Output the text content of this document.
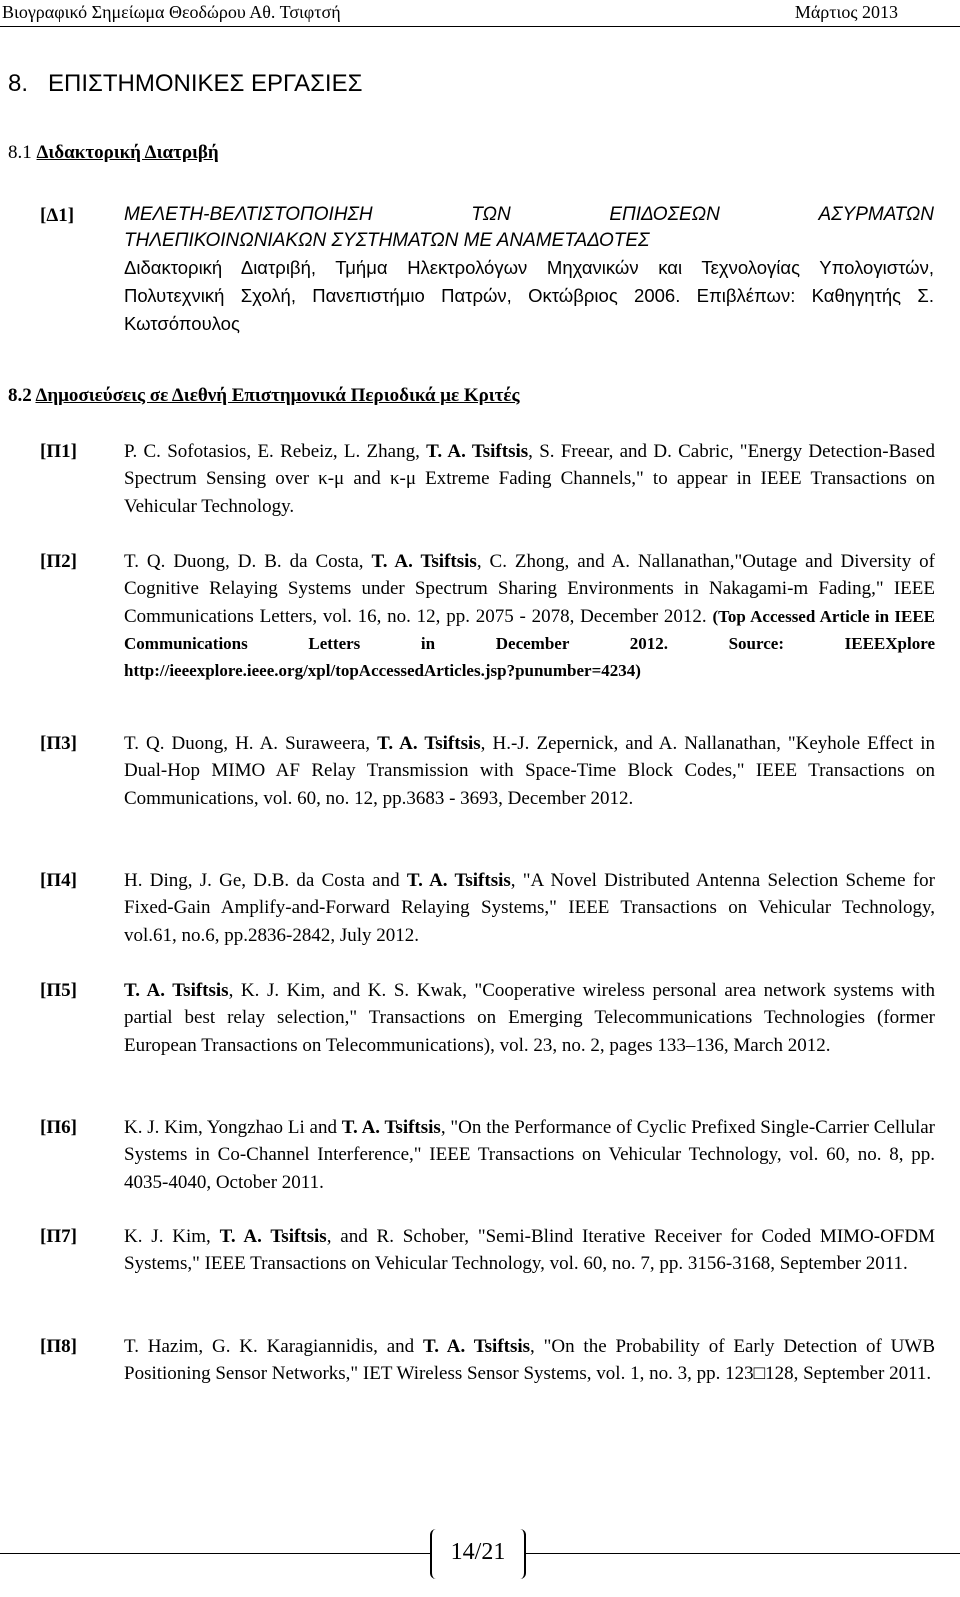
Βιογραφικό Σημείωμα Θεοδώρου Αθ. Τσιφτσή	Μάρτιος 2013
8.   ΕΠΙΣΤΗΜΟΝΙΚΕΣ ΕΡΓΑΣΙΕΣ
8.1 Διδακτορική Διατριβή
[Δ1]	ΜΕΛΕΤΗ-ΒΕΛΤΙΣΤΟΠΟΙΗΣΗ	ΤΩΝ	ΕΠΙΔΟΣΕΩΝ	ΑΣΥΡΜΑΤΩΝ
ΤΗΛΕΠΙΚΟΙΝΩΝΙΑΚΩΝ ΣΥΣΤΗΜΑΤΩΝ ΜΕ ΑΝΑΜΕΤΑΔΟΤΕΣ
Διδακτορική Διατριβή, Τμήμα Ηλεκτρολόγων Μηχανικών και Τεχνολογίας Υπολογιστών, Πολυτεχνική Σχολή, Πανεπιστήμιο Πατρών, Οκτώβριος 2006. Επιβλέπων: Καθηγητής Σ. Κωτσόπουλος
8.2 Δημοσιεύσεις σε Διεθνή Επιστημονικά Περιοδικά με Κριτές
[Π1] P. C. Sofotasios, E. Rebeiz, L. Zhang, T. A. Tsiftsis, S. Freear, and D. Cabric, "Energy Detection-Based Spectrum Sensing over κ-μ and κ-μ Extreme Fading Channels," to appear in IEEE Transactions on Vehicular Technology.
[Π2] T. Q. Duong, D. B. da Costa, T. A. Tsiftsis, C. Zhong, and A. Nallanathan,"Outage and Diversity of Cognitive Relaying Systems under Spectrum Sharing Environments in Nakagami-m Fading," IEEE Communications Letters, vol. 16, no. 12, pp. 2075 - 2078, December 2012. (Top Accessed Article in IEEE Communications Letters in December 2012. Source: IEEEXplore http://ieeexplore.ieee.org/xpl/topAccessedArticles.jsp?punumber=4234)
[Π3] T. Q. Duong, H. A. Suraweera, T. A. Tsiftsis, H.-J. Zepernick, and A. Nallanathan, "Keyhole Effect in Dual-Hop MIMO AF Relay Transmission with Space-Time Block Codes," IEEE Transactions on Communications, vol. 60, no. 12, pp.3683 - 3693, December 2012.
[Π4] H. Ding, J. Ge, D.B. da Costa and T. A. Tsiftsis, "A Novel Distributed Antenna Selection Scheme for Fixed-Gain Amplify-and-Forward Relaying Systems," IEEE Transactions on Vehicular Technology, vol.61, no.6, pp.2836-2842, July 2012.
[Π5] T. A. Tsiftsis, K. J. Kim, and K. S. Kwak, "Cooperative wireless personal area network systems with partial best relay selection," Transactions on Emerging Telecommunications Technologies (former European Transactions on Telecommunications), vol. 23, no. 2, pages 133–136, March 2012.
[Π6] K. J. Kim, Yongzhao Li and T. A. Tsiftsis, "On the Performance of Cyclic Prefixed Single-Carrier Cellular Systems in Co-Channel Interference," IEEE Transactions on Vehicular Technology, vol. 60, no. 8, pp. 4035-4040, October 2011.
[Π7] K. J. Kim, T. A. Tsiftsis, and R. Schober, "Semi-Blind Iterative Receiver for Coded MIMO-OFDM Systems," IEEE Transactions on Vehicular Technology, vol. 60, no. 7, pp. 3156-3168, September 2011.
[Π8] T. Hazim, G. K. Karagiannidis, and T. A. Tsiftsis, "On the Probability of Early Detection of UWB Positioning Sensor Networks," IET Wireless Sensor Systems, vol. 1, no. 3, pp. 123□128, September 2011.
14/21
